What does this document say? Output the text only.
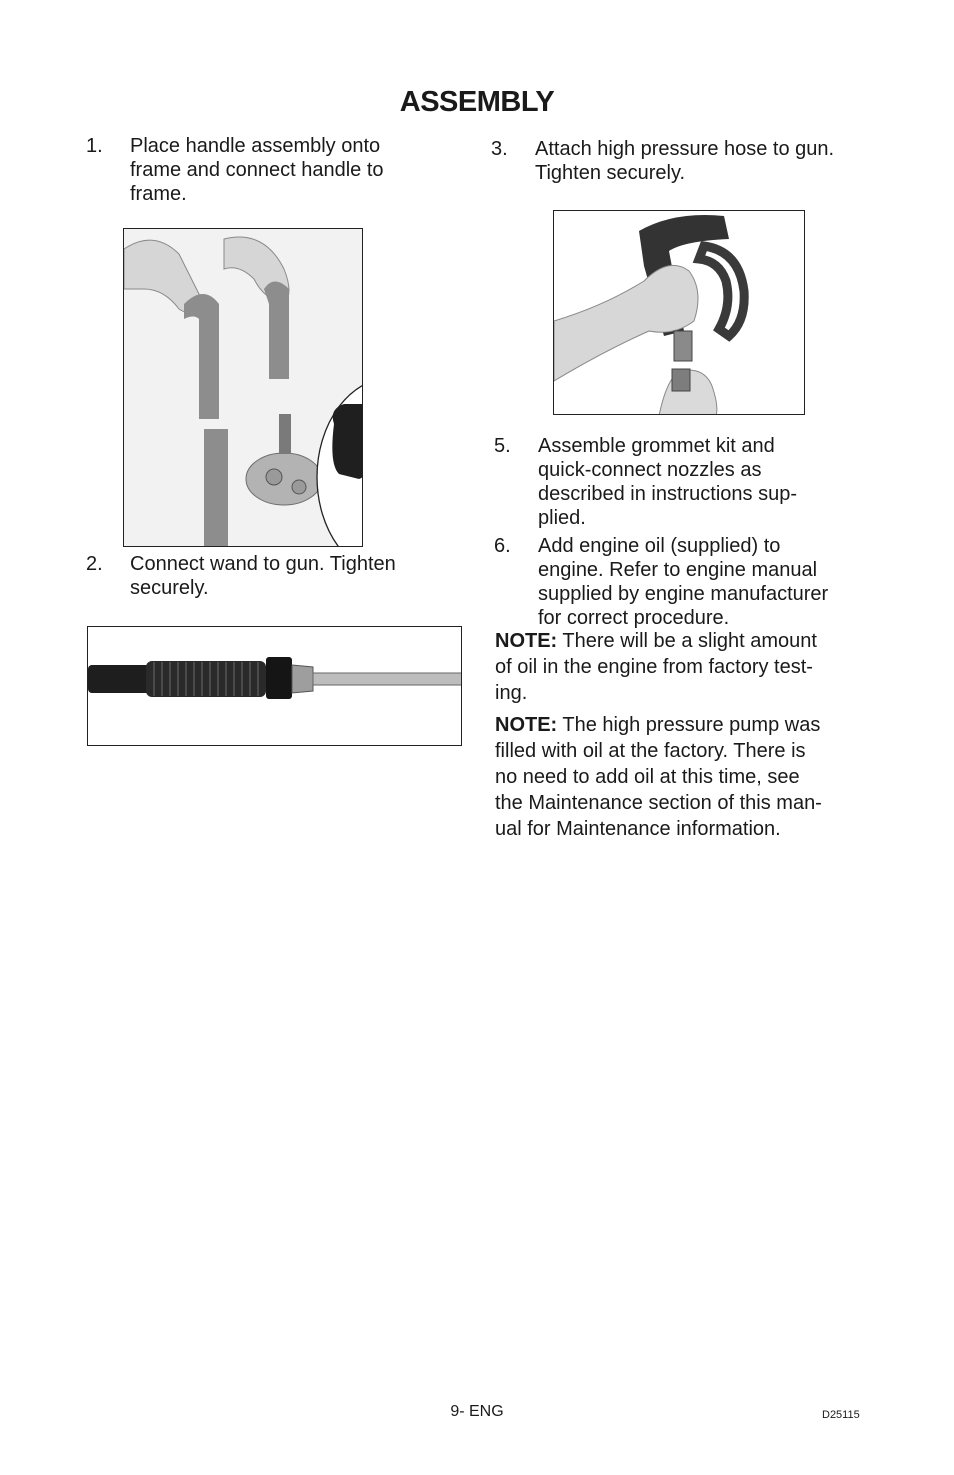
ASSEMBLY
1. Place handle assembly onto
frame and connect handle to
frame.
2. Connect wand to gun. Tighten
securely.
3. Attach high pressure hose to gun.
Tighten securely.
5. Assemble grommet kit and
quick-connect nozzles as
described in instructions sup-
plied.
6. Add engine oil (supplied) to
engine. Refer to engine manual
supplied by engine manufacturer
for correct procedure.
NOTE: There will be a slight amount
of oil in the engine from factory test-
ing.
NOTE: The high pressure pump was
filled with oil at the factory. There is
no need to add oil at this time, see
the Maintenance section of this man-
ual for Maintenance information.
9- ENG	D25115
